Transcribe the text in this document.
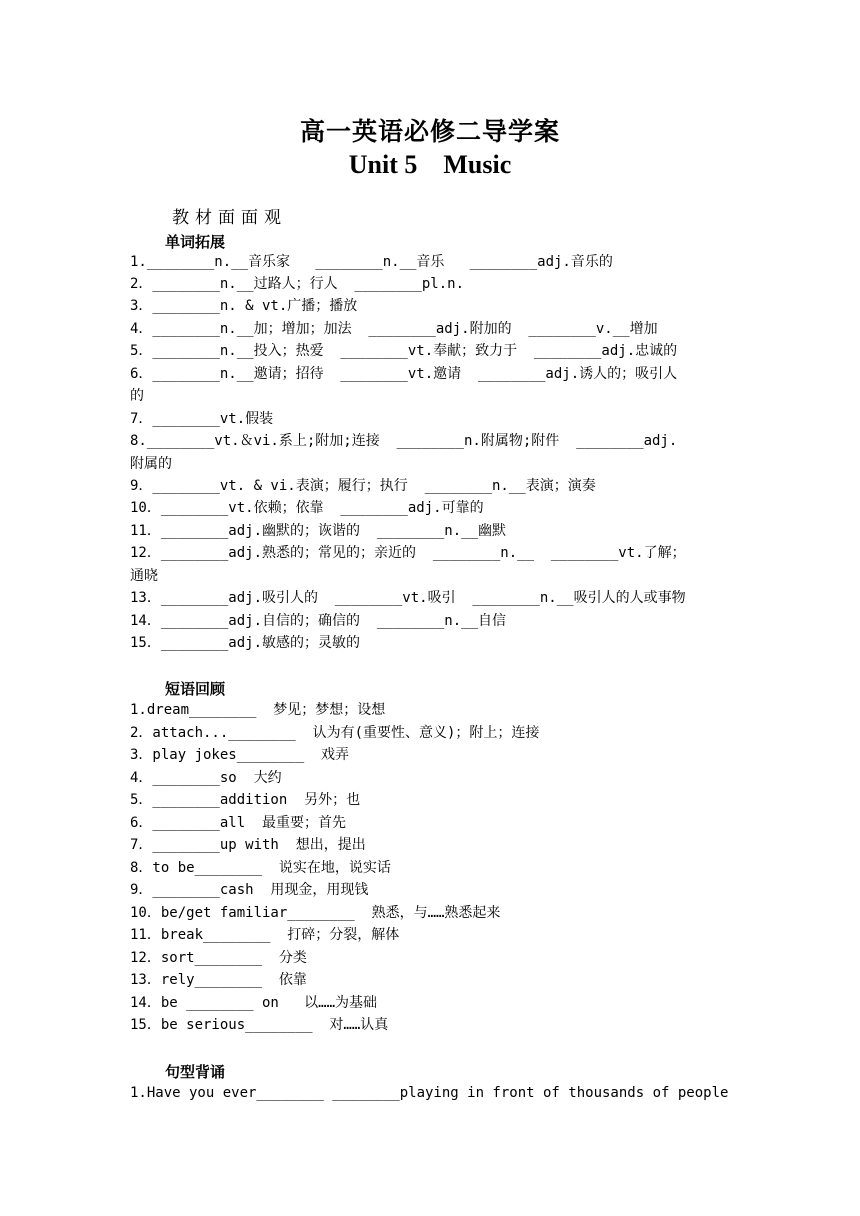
高一英语必修二导学案
Unit 5    Music
教材面面观
单词拓展
1.________n.__音乐家   ________n.__音乐   ________adj.音乐的
2．________n.__过路人；行人  ________pl.n.
3．________n. & vt.广播；播放
4．________n.__加；增加；加法  ________adj.附加的  ________v.__增加
5．________n.__投入；热爱  ________vt.奉献；致力于  ________adj.忠诚的
6．________n.__邀请；招待  ________vt.邀请  ________adj.诱人的；吸引人
的
7．________vt.假装
8.________vt.＆vi.系上;附加;连接  ________n.附属物;附件  ________adj.
附属的
9．________vt. & vi.表演；履行；执行  ________n.__表演；演奏
10．________vt.依赖；依靠  ________adj.可靠的
11．________adj.幽默的；诙谐的  ________n.__幽默
12．________adj.熟悉的；常见的；亲近的  ________n.__  ________vt.了解；
通晓
13．________adj.吸引人的  ________vt.吸引  ________n.__吸引人的人或事物
14．________adj.自信的；确信的  ________n.__自信
15．________adj.敏感的；灵敏的
短语回顾
1.dream________  梦见；梦想；设想
2．attach...________  认为有(重要性、意义)；附上；连接
3．play jokes________  戏弄
4．________so  大约
5．________addition  另外；也
6．________all  最重要；首先
7．________up with  想出，提出
8．to be________  说实在地，说实话
9．________cash  用现金，用现钱
10．be/get familiar________  熟悉，与……熟悉起来
11．break________  打碎；分裂，解体
12．sort________  分类
13．rely________  依靠
14．be ________ on   以……为基础
15．be serious________  对……认真
句型背诵
1.Have you ever________ ________playing in front of thousands of people
